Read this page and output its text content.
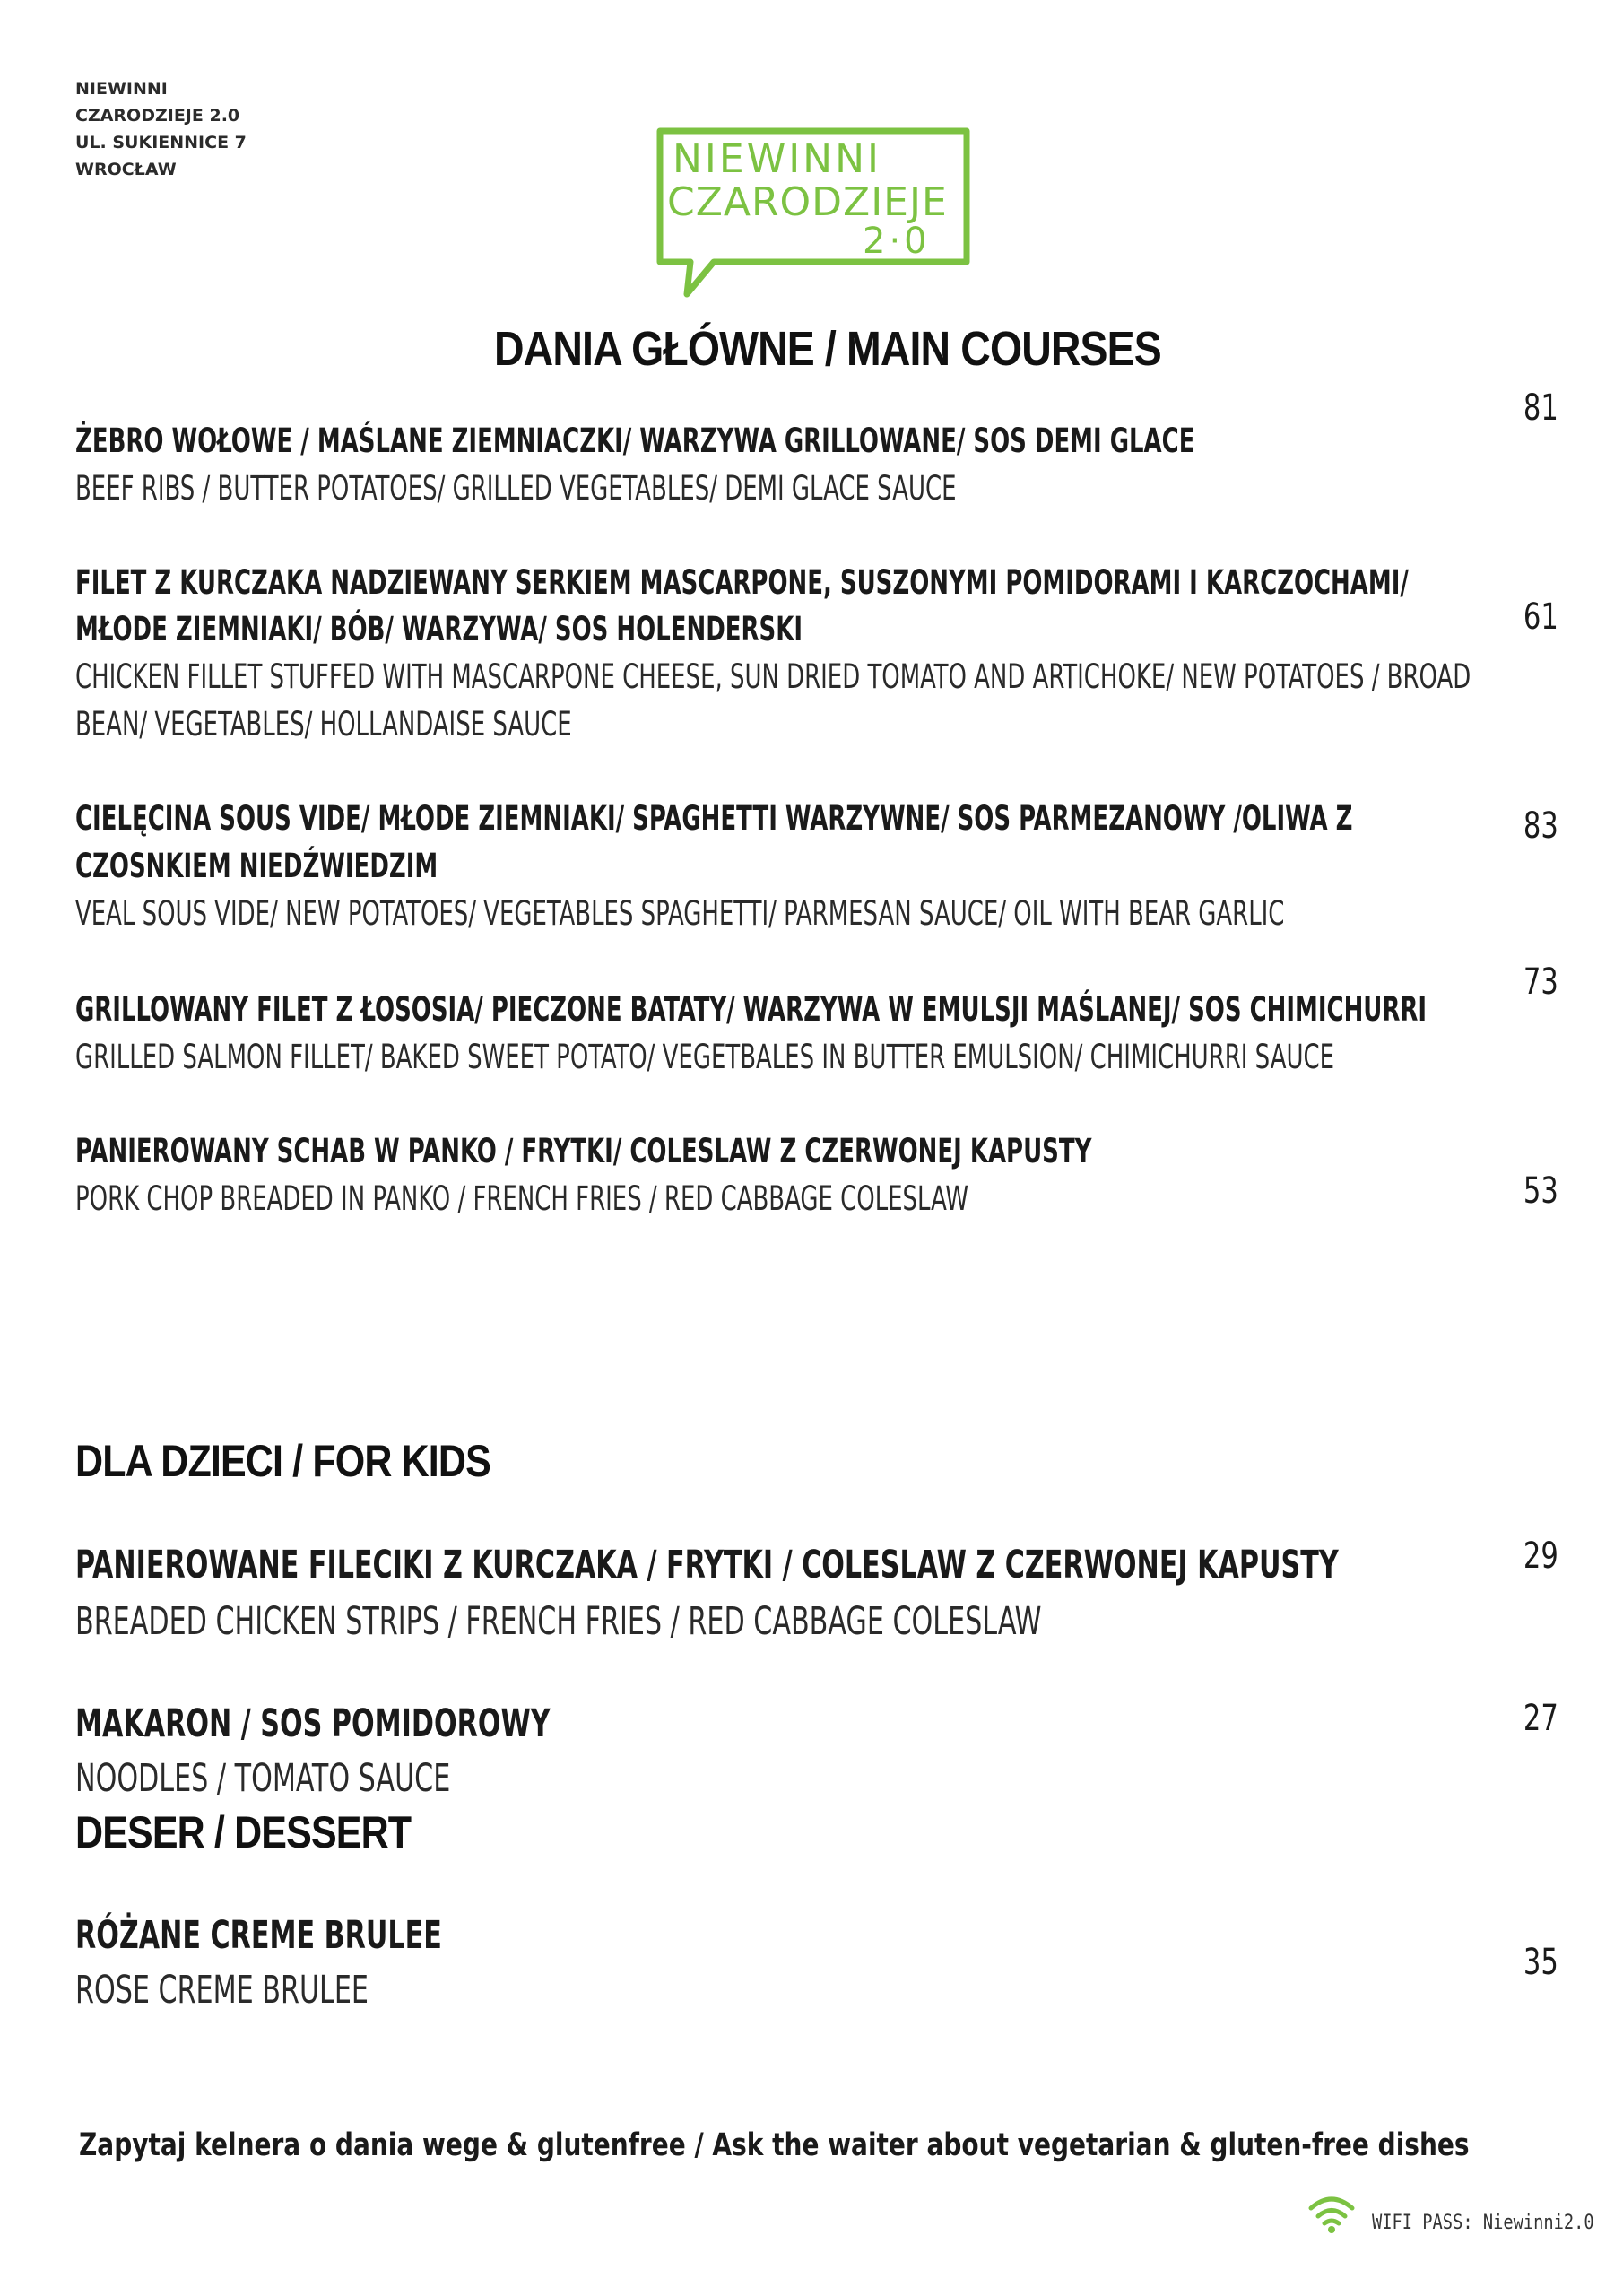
NIEWINNI
CZARODZIEJE 2.0
UL. SUKIENNICE 7
WROCŁAW	NIEWINNI
CZARODZIEJE
2·0
DANIA GŁÓWNE / MAIN COURSES
81
ŻEBRO WOŁOWE / MAŚLANE ZIEMNIACZKI/ WARZYWA GRILLOWANE/ SOS DEMI GLACE
BEEF RIBS / BUTTER POTATOES/ GRILLED VEGETABLES/ DEMI GLACE SAUCE
FILET Z KURCZAKA NADZIEWANY SERKIEM MASCARPONE, SUSZONYMI POMIDORAMI I KARCZOCHAMI/
61
MŁODE ZIEMNIAKI/ BÓB/ WARZYWA/ SOS HOLENDERSKI
CHICKEN FILLET STUFFED WITH MASCARPONE CHEESE, SUN DRIED TOMATO AND ARTICHOKE/ NEW POTATOES / BROAD
BEAN/ VEGETABLES/ HOLLANDAISE SAUCE
CIELĘCINA SOUS VIDE/ MŁODE ZIEMNIAKI/ SPAGHETTI WARZYWNE/ SOS PARMEZANOWY /OLIWA Z	83
CZOSNKIEM NIEDŹWIEDZIM
VEAL SOUS VIDE/ NEW POTATOES/ VEGETABLES SPAGHETTI/ PARMESAN SAUCE/ OIL WITH BEAR GARLIC
73
GRILLOWANY FILET Z ŁOSOSIA/ PIECZONE BATATY/ WARZYWA W EMULSJI MAŚLANEJ/ SOS CHIMICHURRI
GRILLED SALMON FILLET/ BAKED SWEET POTATO/ VEGETBALES IN BUTTER EMULSION/ CHIMICHURRI SAUCE
PANIEROWANY SCHAB W PANKO / FRYTKI/ COLESLAW Z CZERWONEJ KAPUSTY
53
PORK CHOP BREADED IN PANKO / FRENCH FRIES / RED CABBAGE COLESLAW
DLA DZIECI / FOR KIDS
29
PANIEROWANE FILECIKI Z KURCZAKA / FRYTKI / COLESLAW Z CZERWONEJ KAPUSTY
BREADED CHICKEN STRIPS / FRENCH FRIES / RED CABBAGE COLESLAW
27
MAKARON / SOS POMIDOROWY
NOODLES / TOMATO SAUCE
DESER / DESSERT
RÓŻANE CREME BRULEE
35
ROSE CREME BRULEE
Zapytaj kelnera o dania wege & glutenfree / Ask the waiter about vegetarian & gluten-free dishes
WIFI PASS: Niewinni2.0
